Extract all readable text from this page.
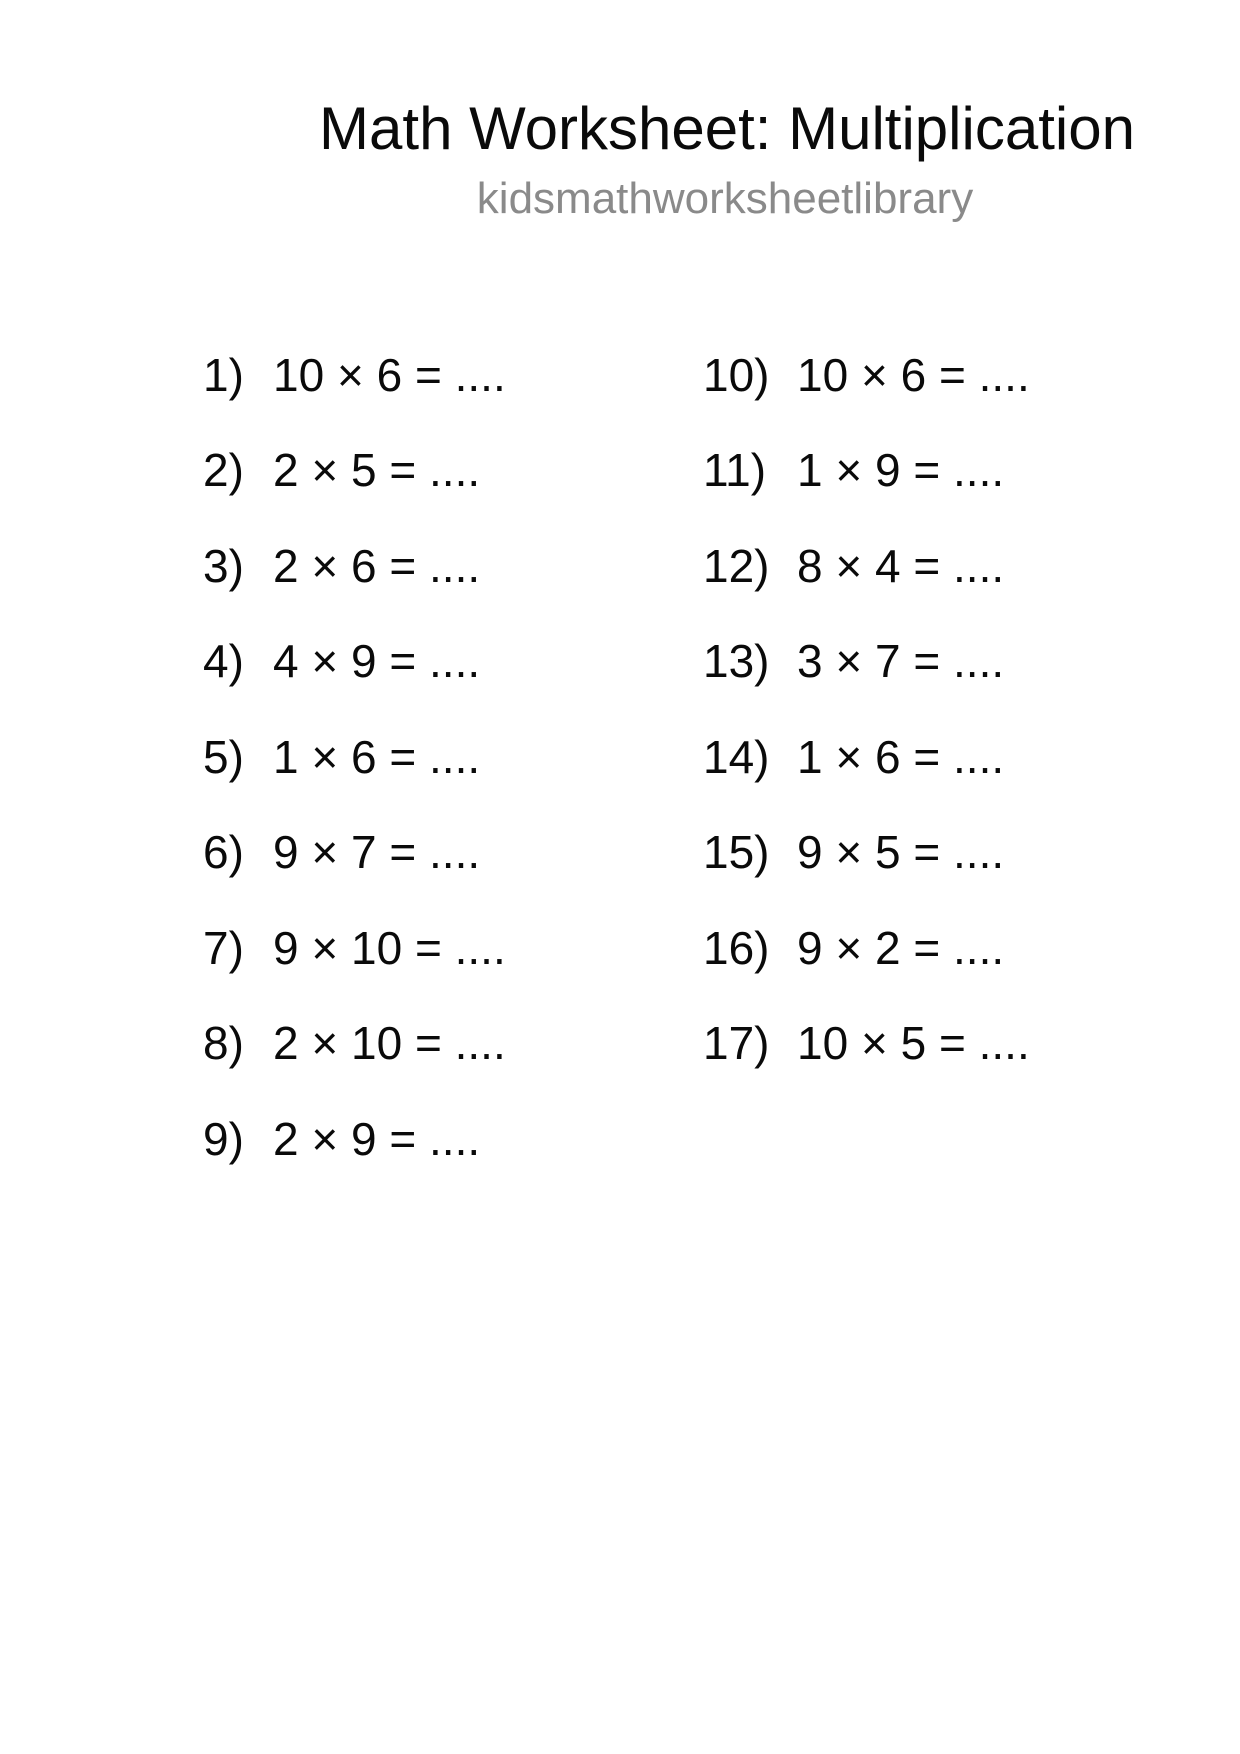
Math Worksheet: Multiplication
kidsmathworksheetlibrary
1) 10 × 6 = ....
2) 2 × 5 = ....
3) 2 × 6 = ....
4) 4 × 9 = ....
5) 1 × 6 = ....
6) 9 × 7 = ....
7) 9 × 10 = ....
8) 2 × 10 = ....
9) 2 × 9 = ....
10) 10 × 6 = ....
11) 1 × 9 = ....
12) 8 × 4 = ....
13) 3 × 7 = ....
14) 1 × 6 = ....
15) 9 × 5 = ....
16) 9 × 2 = ....
17) 10 × 5 = ....
